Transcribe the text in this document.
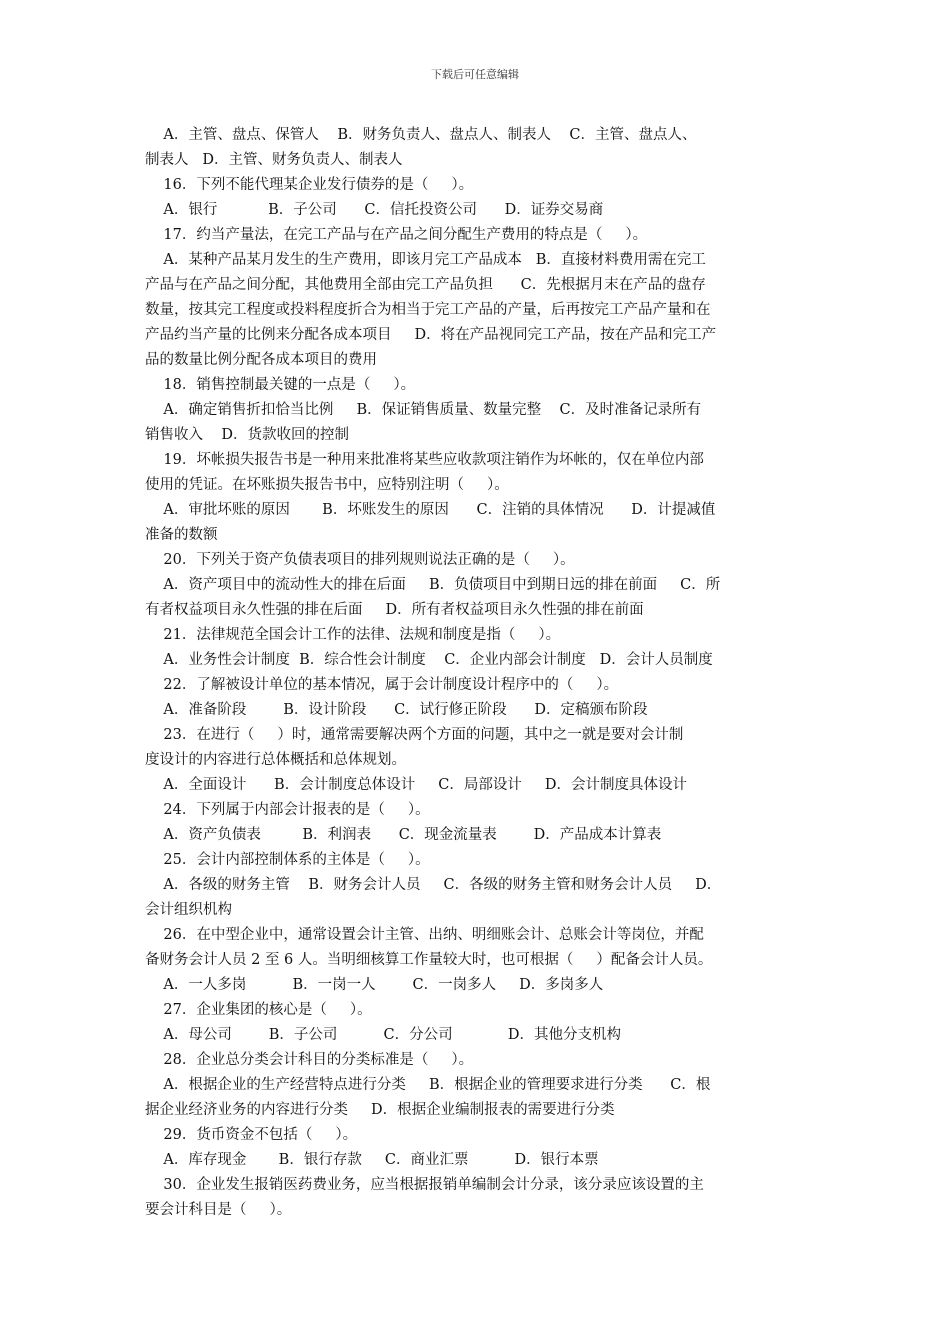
下载后可任意编辑
A．主管、盘点、保管人    B．财务负责人、盘点人、制表人    C．主管、盘点人、
制表人   D．主管、财务负责人、制表人
16．下列不能代理某企业发行债券的是（     ）。
A．银行           B．子公司      C．信托投资公司      D．证券交易商
17．约当产量法，在完工产品与在产品之间分配生产费用的特点是（     ）。
A．某种产品某月发生的生产费用，即该月完工产品成本   B．直接材料费用需在完工
产品与在产品之间分配，其他费用全部由完工产品负担      C．先根据月末在产品的盘存
数量，按其完工程度或投料程度折合为相当于完工产品的产量，后再按完工产品产量和在
产品约当产量的比例来分配各成本项目     D．将在产品视同完工产品，按在产品和完工产
品的数量比例分配各成本项目的费用
18．销售控制最关键的一点是（     ）。
A．确定销售折扣恰当比例     B．保证销售质量、数量完整    C．及时准备记录所有
销售收入    D．货款收回的控制
19．坏帐损失报告书是一种用来批准将某些应收款项注销作为坏帐的，仅在单位内部
使用的凭证。在坏账损失报告书中，应特别注明（     ）。
A．审批坏账的原因       B．坏账发生的原因      C．注销的具体情况      D．计提减值
准备的数额
20．下列关于资产负债表项目的排列规则说法正确的是（     ）。
A．资产项目中的流动性大的排在后面     B．负债项目中到期日远的排在前面     C．所
有者权益项目永久性强的排在后面     D．所有者权益项目永久性强的排在前面
21．法律规范全国会计工作的法律、法规和制度是指（     ）。
A．业务性会计制度  B．综合性会计制度    C．企业内部会计制度   D．会计人员制度
22．了解被设计单位的基本情况，属于会计制度设计程序中的（     ）。
A．准备阶段        B．设计阶段      C．试行修正阶段      D．定稿颁布阶段
23．在进行（     ）时，通常需要解决两个方面的问题，其中之一就是要对会计制
度设计的内容进行总体概括和总体规划。
A．全面设计      B．会计制度总体设计     C．局部设计     D．会计制度具体设计
24．下列属于内部会计报表的是（     ）。
A．资产负债表         B．利润表      C．现金流量表        D．产品成本计算表
25．会计内部控制体系的主体是（     ）。
A．各级的财务主管    B．财务会计人员     C．各级的财务主管和财务会计人员     D．
会计组织机构
26．在中型企业中，通常设置会计主管、出纳、明细账会计、总账会计等岗位，并配
备财务会计人员 2 至 6 人。当明细核算工作量较大时，也可根据（     ）配备会计人员。
A．一人多岗          B．一岗一人        C．一岗多人     D．多岗多人
27．企业集团的核心是（     ）。
A．母公司        B．子公司          C．分公司            D．其他分支机构
28．企业总分类会计科目的分类标准是（     ）。
A．根据企业的生产经营特点进行分类     B．根据企业的管理要求进行分类      C．根
据企业经济业务的内容进行分类     D．根据企业编制报表的需要进行分类
29．货币资金不包括（     ）。
A．库存现金       B．银行存款     C．商业汇票          D．银行本票
30．企业发生报销医药费业务，应当根据报销单编制会计分录，该分录应该设置的主
要会计科目是（     ）。
